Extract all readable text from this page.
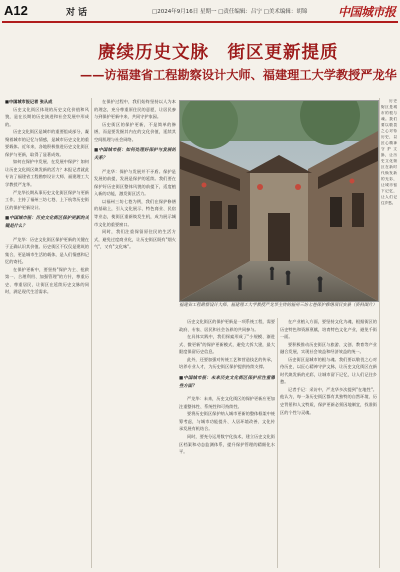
A12	对话	□2024年9月16日 星期一 □责任编辑：吕宁 □美术编辑：胡锦	中国城市报
赓续历史文脉　街区更新提质
——访福建省工程勘察设计大师、福建理工大学教授严龙华

■中国城市报记者 张从成

历史文化街区体现的历史文化价值和风貌，是在长期的历史演进和社会发展中形成的。

历史文化街区是城市的重要组成部分，凝聚着城市的记忆与情感，是城市历史文化的重要载体。近年来，各地积极推进历史文化街区保护与更新，取得了显著成效。

如何在保护中发展、在发展中保护？如何让历史文化街区焕发新的活力？本报记者就此专访了福建省工程勘察设计大师、福建理工大学教授严龙华。

严龙华长期从事历史文化街区保护与更新工作，主持了福州三坊七巷、上下杭等历史街区的保护更新设计。

■中国城市报：历史文化街区保护更新的关键是什么？

严龙华：历史文化街区保护更新的关键在于正确认识其价值。历史街区不仅仅是建筑的集合，更是城市生活的载体，是人们情感和记忆的寄托。

在保护更新中，要坚持"保护为主、抢救第一、合理利用、加强管理"的方针，尊重历史、尊重居民，让街区在延续历史文脉的同时，满足现代生活需求。

在保护过程中，我们始终坚持以人为本的理念，充分尊重原住民的意愿，让居民参与到保护更新中来，共同守护家园。

历史街区的保护更新，不是简单的修缮，而是要发掘其内在的文化价值，延续其空间肌理与社会网络。

■中国城市报：如何处理好保护与发展的关系？

严龙华：保护与发展并不矛盾。保护是发展的前提，发展是保护的延续。我们要在保护好历史街区整体风貌的前提下，适度植入新的功能，激发街区活力。

以福州三坊七巷为例，我们在保护修缮的基础上，引入文化展示、特色商业、民宿等业态，使街区重新焕发生机，成为展示城市文化的重要窗口。

同时，我们注重保留原住民的生活方式，避免过度商业化，让历史街区既有"烟火气"，又有"文化味"。

福建省工程勘察设计大师、福建理工大学教授严龙华主持的福州三坊七巷保护修缮项目实景（资料图片）

历史文化街区的保护更新是一项系统工程，需要政府、专家、居民和社会各界的共同参与。

在具体实践中，我们探索形成了"小规模、渐进式、微更新"的保护更新模式，避免大拆大建，最大限度保留历史信息。

此外，还要加强对传统工艺和营造技艺的传承，培养专业人才，为历史街区保护提供持续支撑。

■中国城市报：未来历史文化街区保护应注重哪些方面？

严龙华：未来，历史文化街区的保护更新应更加注重整体性、系统性和可持续性。

要将历史街区保护纳入城市更新的整体框架中统筹考虑，与城市功能提升、人居环境改善、文化传承发展有机结合。

同时，要充分运用数字化技术，建立历史文化街区档案和动态监测体系，提升保护管理的精细化水平。

在产业植入方面，要坚持文化为魂，根据街区的历史特色和资源禀赋，培育特色文化产业，避免千街一面。

要积极推动历史街区与旅游、文创、教育等产业融合发展，实现社会效益和经济效益的统一。

历史街区是城市的根与魂。我们要以敬畏之心对待历史，以匠心精神守护文脉，让历史文化街区在新时代焕发新的光彩，让城市留下记忆，让人们记住乡愁。

记者手记：采访中，严龙华多次提到"在地性"。他认为，每一条历史街区都有其独特的自然环境、历史背景和人文特质，保护更新必须因地制宜，找准街区的个性与灵魂。

历史街区是城市的根与魂。我们要以敬畏之心对待历史，以匠心精神守护文脉，让历史文化街区在新时代焕发新的光彩，让城市留下记忆，让人们记住乡愁。
